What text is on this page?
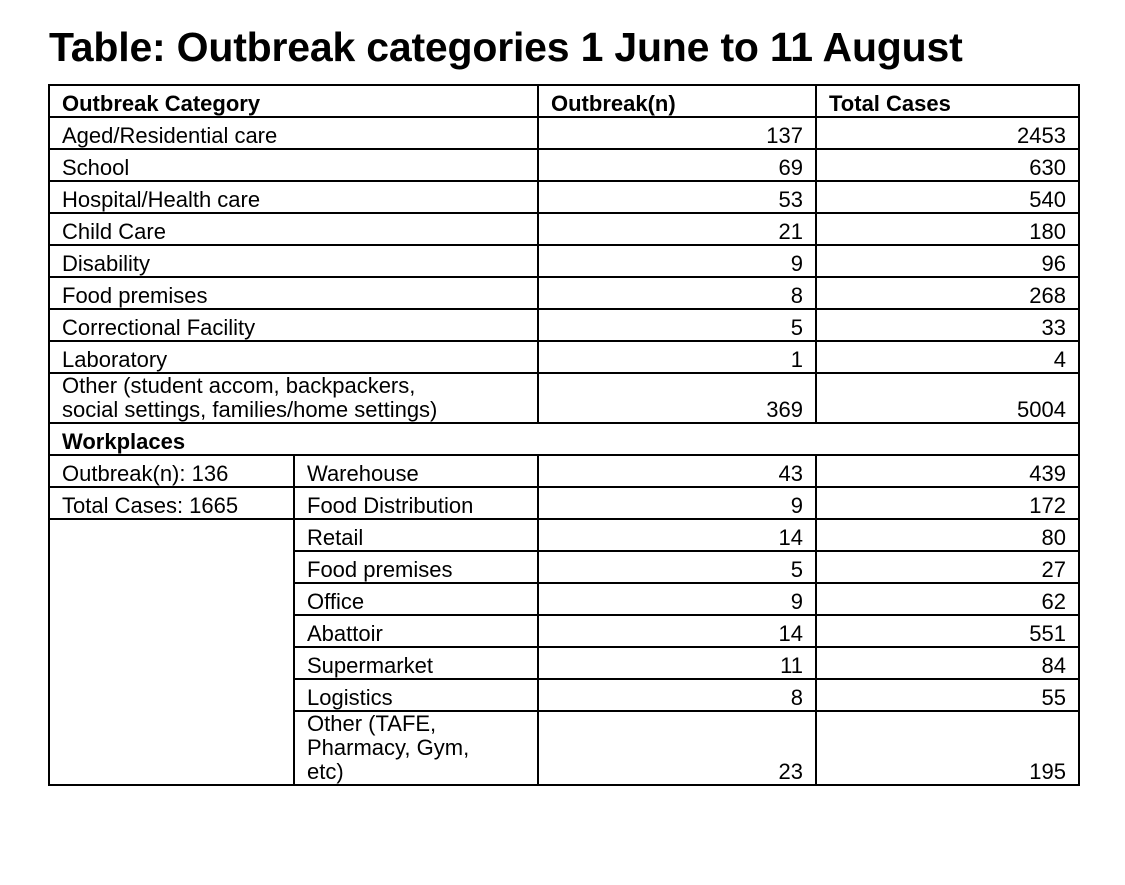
Table: Outbreak categories 1 June to 11 August
Outbreak Category		Outbreak(n)	Total Cases
Aged/Residential care		137	2453
School		69	630
Hospital/Health care		53	540
Child Care		21	180
Disability		9	96
Food premises		8	268
Correctional Facility		5	33
Laboratory		1	4
Other (student accom, backpackers,
social settings, families/home settings)		369	5004
Workplaces			
Outbreak(n): 136	Warehouse	43	439
Total Cases: 1665	Food Distribution	9	172
	Retail	14	80
	Food premises	5	27
	Office	9	62
	Abattoir	14	551
	Supermarket	11	84
	Logistics	8	55
	Other (TAFE,
Pharmacy, Gym,
etc)	23	195
